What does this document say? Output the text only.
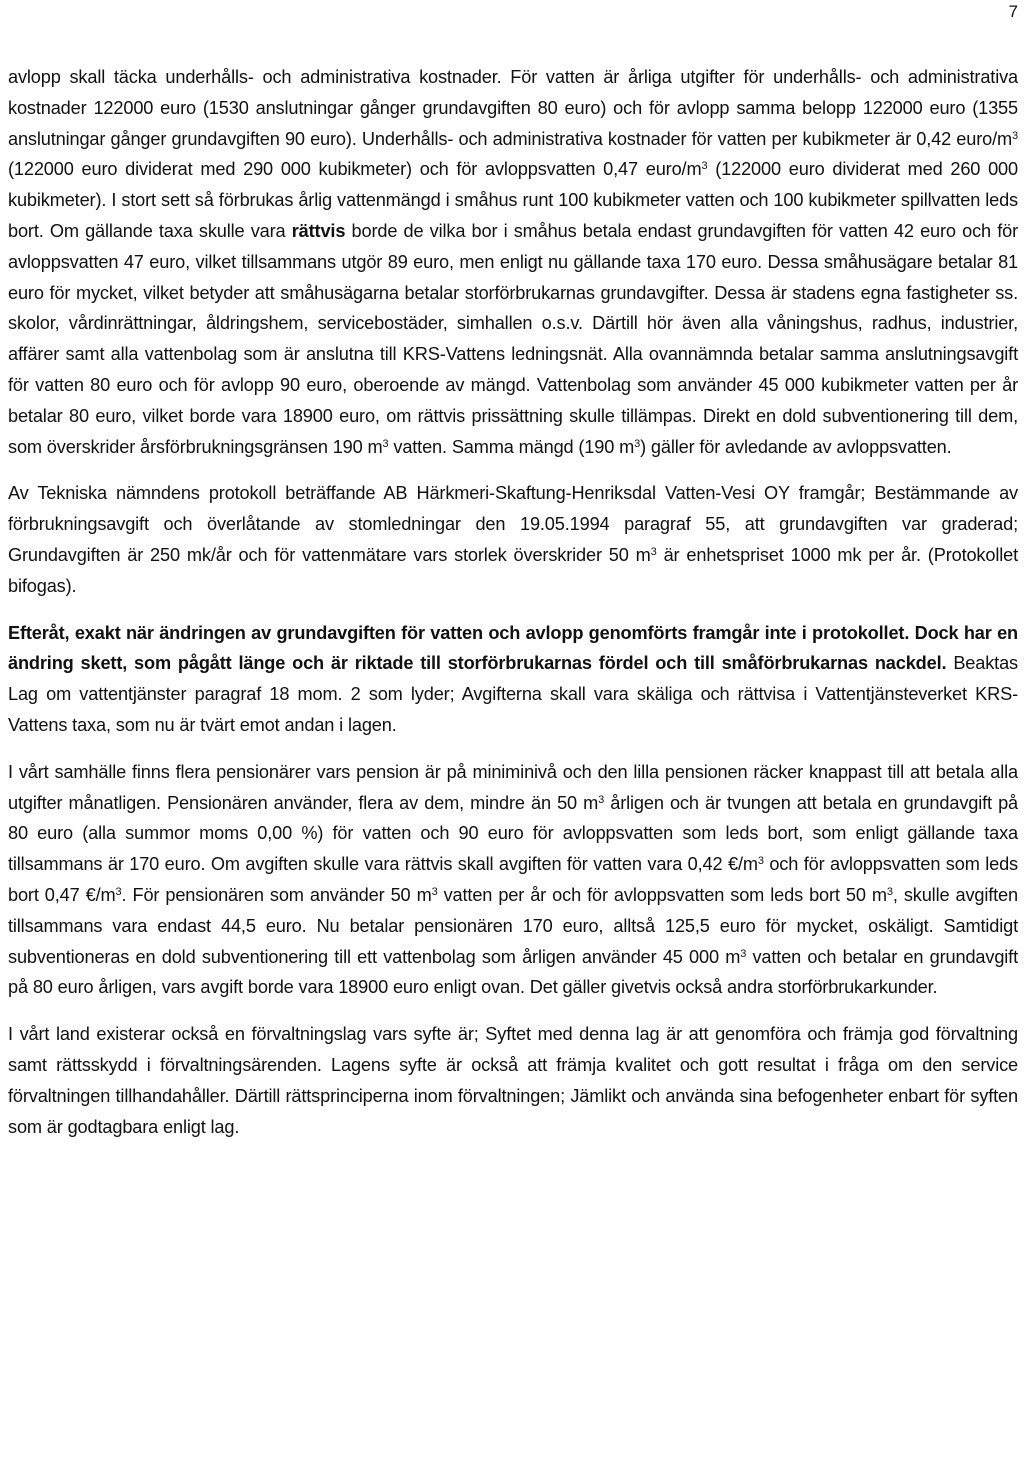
7

avlopp skall täcka underhålls- och administrativa kostnader. För vatten är årliga utgifter för underhålls- och administrativa kostnader 122000 euro (1530 anslutningar gånger grundavgiften 80 euro) och för avlopp samma belopp 122000 euro (1355 anslutningar gånger grundavgiften 90 euro). Underhålls- och administrativa kostnader för vatten per kubikmeter är 0,42 euro/$m^3$ (122000 euro dividerat med 290 000 kubikmeter) och för avloppsvatten 0,47 euro/$m^3$ (122000 euro dividerat med 260 000 kubikmeter). I stort sett så förbrukas årlig vattenmängd i småhus runt 100 kubikmeter vatten och 100 kubikmeter spillvatten leds bort. Om gällande taxa skulle vara rättvis borde de vilka bor i småhus betala endast grundavgiften för vatten 42 euro och för avloppsvatten 47 euro, vilket tillsammans utgör 89 euro, men enligt nu gällande taxa 170 euro. Dessa småhusägare betalar 81 euro för mycket, vilket betyder att småhusägarna betalar storförbrukarnas grundavgifter. Dessa är stadens egna fastigheter ss. skolor, vårdinrättningar, åldringshem, servicebostäder, simhallen o.s.v. Därtill hör även alla våningshus, radhus, industrier, affärer samt alla vattenbolag som är anslutna till KRS-Vattens ledningsnät. Alla ovannämnda betalar samma anslutningsavgift för vatten 80 euro och för avlopp 90 euro, oberoende av mängd. Vattenbolag som använder 45 000 kubikmeter vatten per år betalar 80 euro, vilket borde vara 18900 euro, om rättvis prissättning skulle tillämpas. Direkt en dold subventionering till dem, som överskrider årsförbrukningsgränsen 190 $m^3$ vatten. Samma mängd (190 $m^3$) gäller för avledande av avloppsvatten.

Av Tekniska nämndens protokoll beträffande AB Härkmeri-Skaftung-Henriksdal Vatten-Vesi OY framgår; Bestämmande av förbrukningsavgift och överlåtande av stomledningar den 19.05.1994 paragraf 55, att grundavgiften var graderad; Grundavgiften är 250 mk/år och för vattenmätare vars storlek överskrider 50 $m^3$ är enhetspriset 1000 mk per år. (Protokollet bifogas).

Efteråt, exakt när ändringen av grundavgiften för vatten och avlopp genomförts framgår inte i protokollet. Dock har en ändring skett, som pågått länge och är riktade till storförbrukarnas fördel och till småförbrukarnas nackdel. Beaktas Lag om vattentjänster paragraf 18 mom. 2 som lyder; Avgifterna skall vara skäliga och rättvisa i Vattentjänsteverket KRS-Vattens taxa, som nu är tvärt emot andan i lagen.

I vårt samhälle finns flera pensionärer vars pension är på miniminivå och den lilla pensionen räcker knappast till att betala alla utgifter månatligen. Pensionären använder, flera av dem, mindre än 50 $m^3$ årligen och är tvungen att betala en grundavgift på 80 euro (alla summor moms 0,00 %) för vatten och 90 euro för avloppsvatten som leds bort, som enligt gällande taxa tillsammans är 170 euro. Om avgiften skulle vara rättvis skall avgiften för vatten vara 0,42 $€/m^3$ och för avloppsvatten som leds bort 0,47 $€/m^3$. För pensionären som använder 50 $m^3$ vatten per år och för avloppsvatten som leds bort 50 $m^3$, skulle avgiften tillsammans vara endast 44,5 euro. Nu betalar pensionären 170 euro, alltså 125,5 euro för mycket, oskäligt. Samtidigt subventioneras en dold subventionering till ett vattenbolag som årligen använder 45 000 $m^3$ vatten och betalar en grundavgift på 80 euro årligen, vars avgift borde vara 18900 euro enligt ovan. Det gäller givetvis också andra storförbrukarkunder.

I vårt land existerar också en förvaltningslag vars syfte är; Syftet med denna lag är att genomföra och främja god förvaltning samt rättsskydd i förvaltningsärenden. Lagens syfte är också att främja kvalitet och gott resultat i fråga om den service förvaltningen tillhandahåller. Därtill rättsprinciperna inom förvaltningen; Jämlikt och använda sina befogenheter enbart för syften som är godtagbara enligt lag.
